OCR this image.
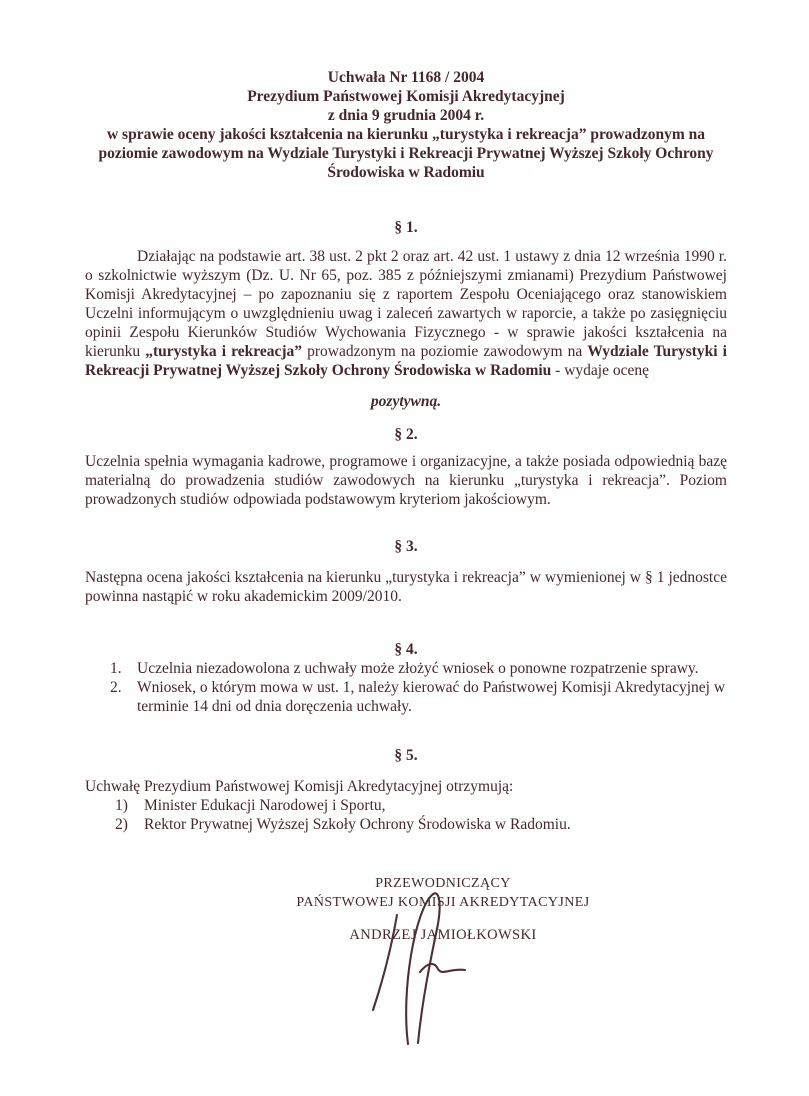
Uchwała Nr 1168 / 2004

Prezydium Państwowej Komisji Akredytacyjnej

z dnia 9 grudnia 2004 r.

w sprawie oceny jakości kształcenia na kierunku „turystyka i rekreacja” prowadzonym na poziomie zawodowym na Wydziale Turystyki i Rekreacji Prywatnej Wyższej Szkoły Ochrony Środowiska w Radomiu

§ 1.

Działając na podstawie art. 38 ust. 2 pkt 2 oraz art. 42 ust. 1 ustawy z dnia 12 września 1990 r. o szkolnictwie wyższym (Dz. U. Nr 65, poz. 385 z późniejszymi zmianami) Prezydium Państwowej Komisji Akredytacyjnej – po zapoznaniu się z raportem Zespołu Oceniającego oraz stanowiskiem Uczelni informującym o uwzględnieniu uwag i zaleceń zawartych w raporcie, a także po zasięgnięciu opinii Zespołu Kierunków Studiów Wychowania Fizycznego - w sprawie jakości kształcenia na kierunku „turystyka i rekreacja” prowadzonym na poziomie zawodowym na Wydziale Turystyki i Rekreacji Prywatnej Wyższej Szkoły Ochrony Środowiska w Radomiu - wydaje ocenę

pozytywną.

§ 2.

Uczelnia spełnia wymagania kadrowe, programowe i organizacyjne, a także posiada odpowiednią bazę materialną do prowadzenia studiów zawodowych na kierunku „turystyka i rekreacja”. Poziom prowadzonych studiów odpowiada podstawowym kryteriom jakościowym.

§ 3.

Następna ocena jakości kształcenia na kierunku „turystyka i rekreacja” w wymienionej w § 1 jednostce powinna nastąpić w roku akademickim 2009/2010.

§ 4.

1. Uczelnia niezadowolona z uchwały może złożyć wniosek o ponowne rozpatrzenie sprawy.
2. Wniosek, o którym mowa w ust. 1, należy kierować do Państwowej Komisji Akredytacyjnej w terminie 14 dni od dnia doręczenia uchwały.

§ 5.

Uchwałę Prezydium Państwowej Komisji Akredytacyjnej otrzymują:

1)	Minister Edukacji Narodowej i Sportu,
2)	Rektor Prywatnej Wyższej Szkoły Ochrony Środowiska w Radomiu.

PRZEWODNICZĄCY

PAŃSTWOWEJ KOMISJI AKREDYTACYJNEJ

ANDRZEJ JAMIOŁKOWSKI
